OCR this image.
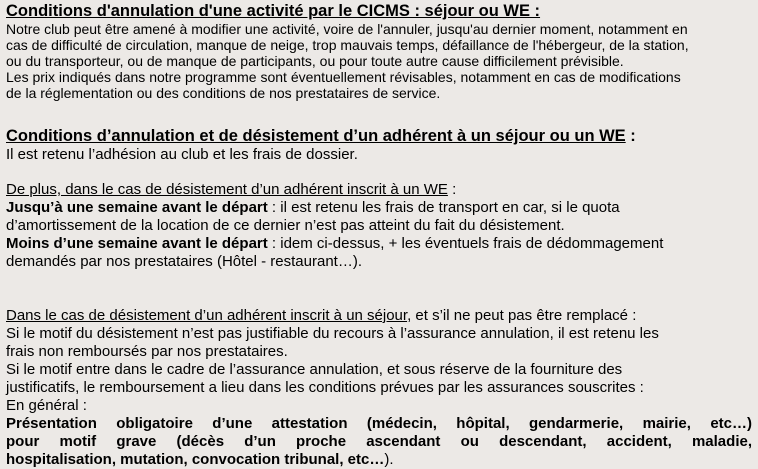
Conditions d'annulation d'une activité par le CICMS : séjour ou WE :

Notre club peut être amené à modifier une activité, voire de l'annuler, jusqu'au dernier moment, notamment en

cas de difficulté de circulation, manque de neige, trop mauvais temps, défaillance de l'hébergeur, de la station,

ou du transporteur, ou de manque de participants, ou pour toute autre cause difficilement prévisible.

Les prix indiqués dans notre programme sont éventuellement révisables, notamment en cas de modifications

de la réglementation ou des conditions de nos prestataires de service.

Conditions d’annulation et de désistement d’un adhérent à un séjour ou un WE :

Il est retenu l’adhésion au club et les frais de dossier.

De plus, dans le cas de désistement d’un adhérent inscrit à un WE :

Jusqu’à une semaine avant le départ : il est retenu les frais de transport en car, si le quota

d’amortissement de la location de ce dernier n’est pas atteint du fait du désistement.

Moins d’une semaine avant le départ : idem ci-dessus, + les éventuels frais de dédommagement

demandés par nos prestataires (Hôtel - restaurant…).

Dans le cas de désistement d’un adhérent inscrit à un séjour, et s’il ne peut pas être remplacé :

Si le motif du désistement n’est pas justifiable du recours à l’assurance annulation, il est retenu les

frais non remboursés par nos prestataires.

Si le motif entre dans le cadre de l’assurance annulation, et sous réserve de la fourniture des

justificatifs, le remboursement a lieu dans les conditions prévues par les assurances souscrites :

En général :

Présentation obligatoire d’une attestation (médecin, hôpital, gendarmerie, mairie, etc…)

pour motif grave (décès d’un proche ascendant ou descendant, accident, maladie,

hospitalisation, mutation, convocation tribunal, etc…).
